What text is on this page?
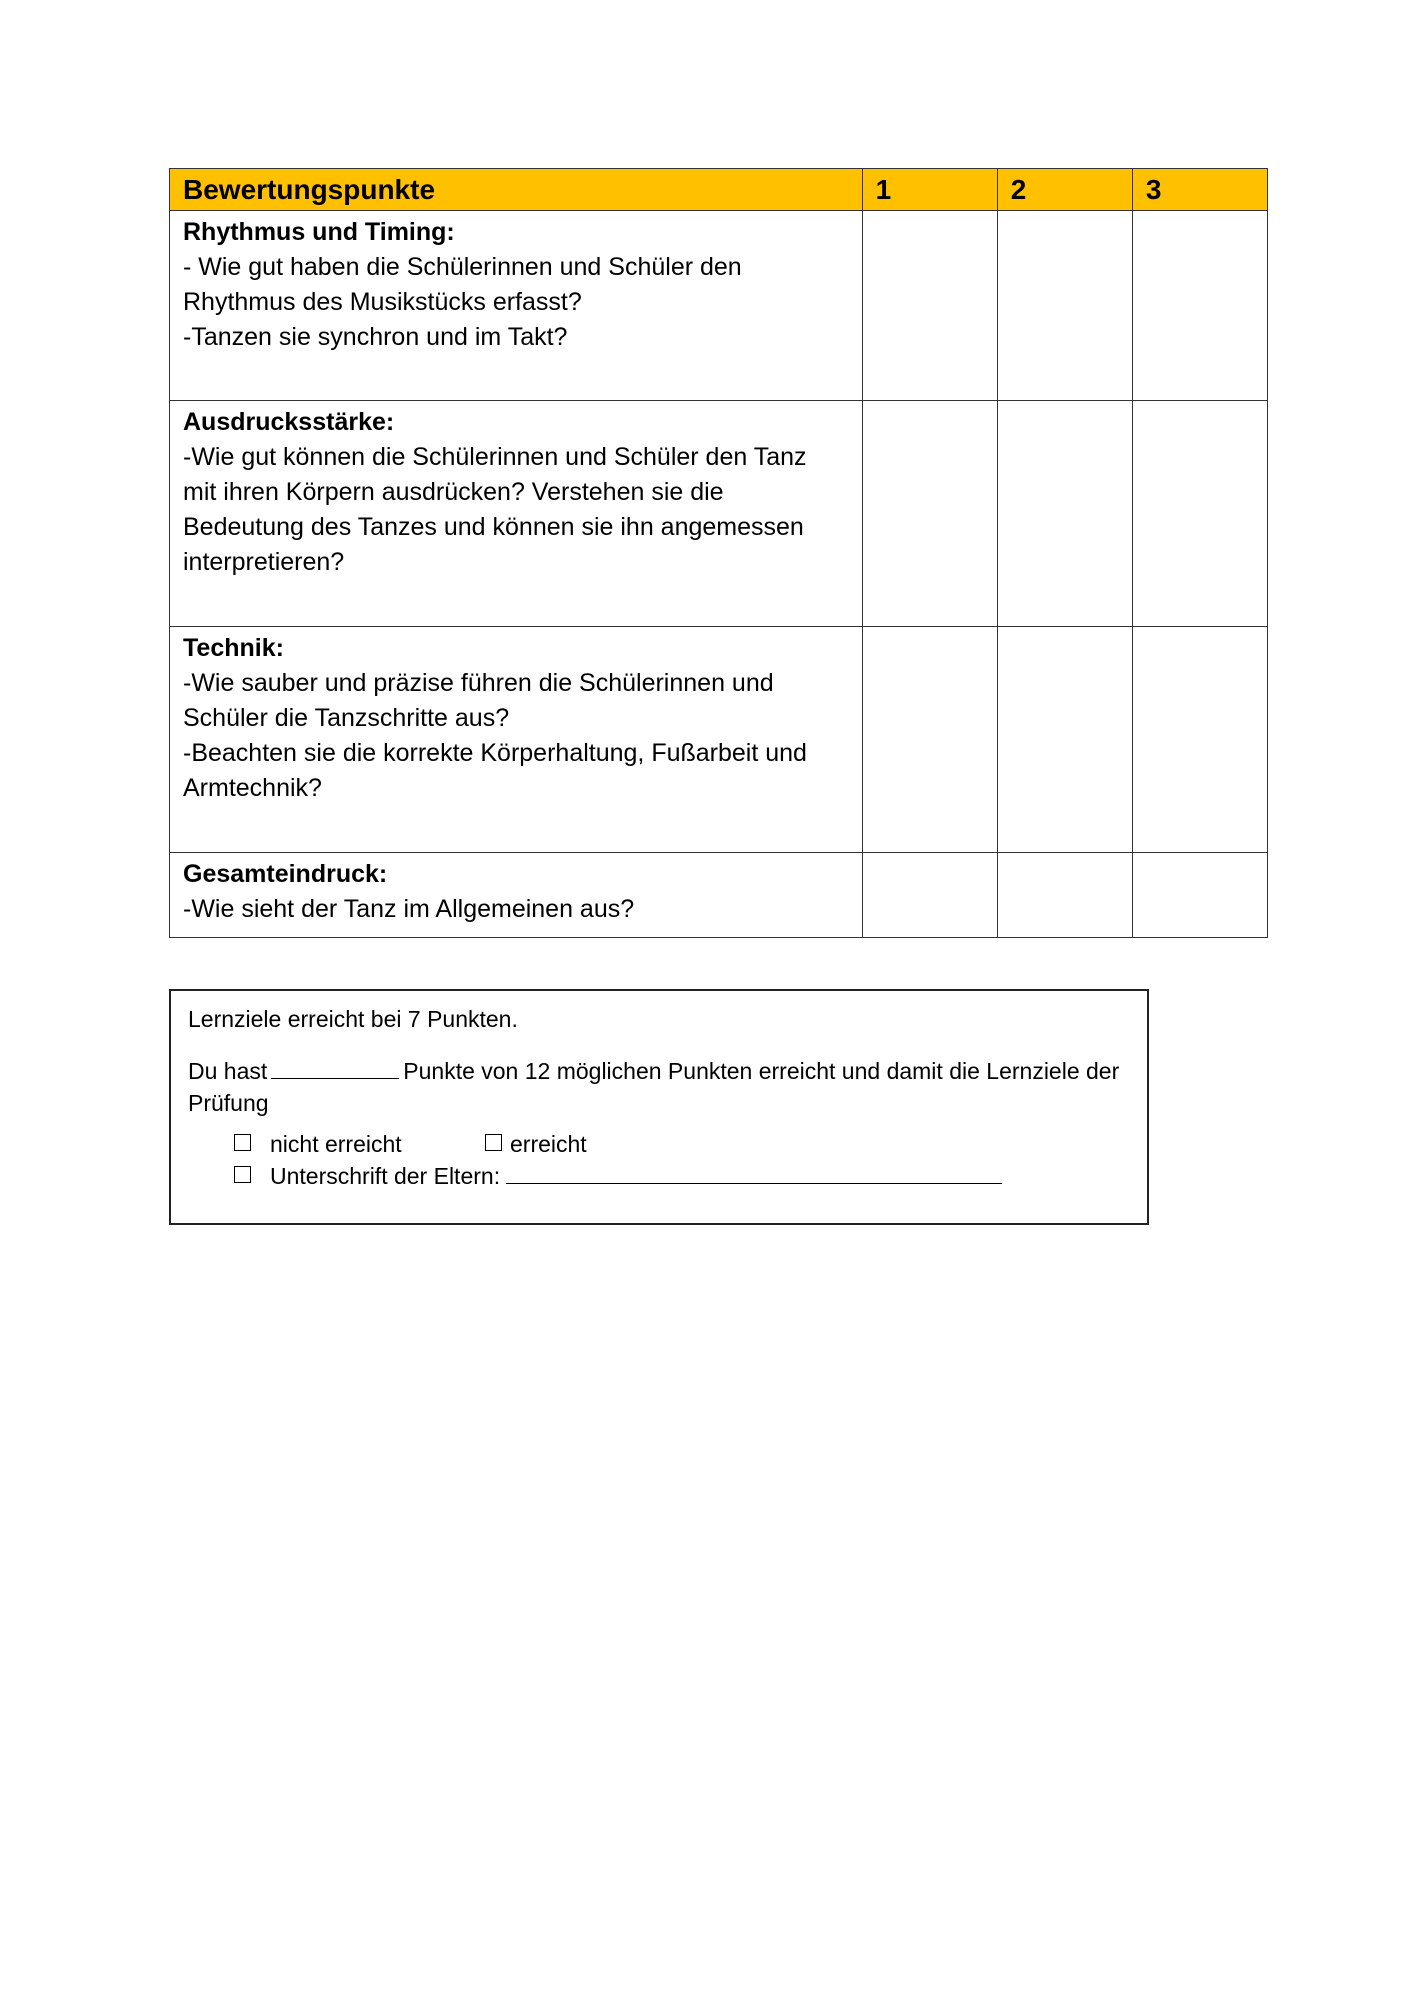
Bewertungspunkte	1	2	3

Rhythmus und Timing:
- Wie gut haben die Schülerinnen und Schüler den
Rhythmus des Musikstücks erfasst?
-Tanzen sie synchron und im Takt?			

Ausdrucksstärke:
-Wie gut können die Schülerinnen und Schüler den Tanz
mit ihren Körpern ausdrücken? Verstehen sie die
Bedeutung des Tanzes und können sie ihn angemessen
interpretieren?			

Technik:
-Wie sauber und präzise führen die Schülerinnen und
Schüler die Tanzschritte aus?
-Beachten sie die korrekte Körperhaltung, Fußarbeit und
Armtechnik?			

Gesamteindruck:
-Wie sieht der Tanz im Allgemeinen aus?			

Lernziele erreicht bei 7 Punkten.
Du hast	Punkte von 12 möglichen Punkten erreicht und damit die Lernziele der Prüfung
nicht erreicht	erreicht
Unterschrift der Eltern:
